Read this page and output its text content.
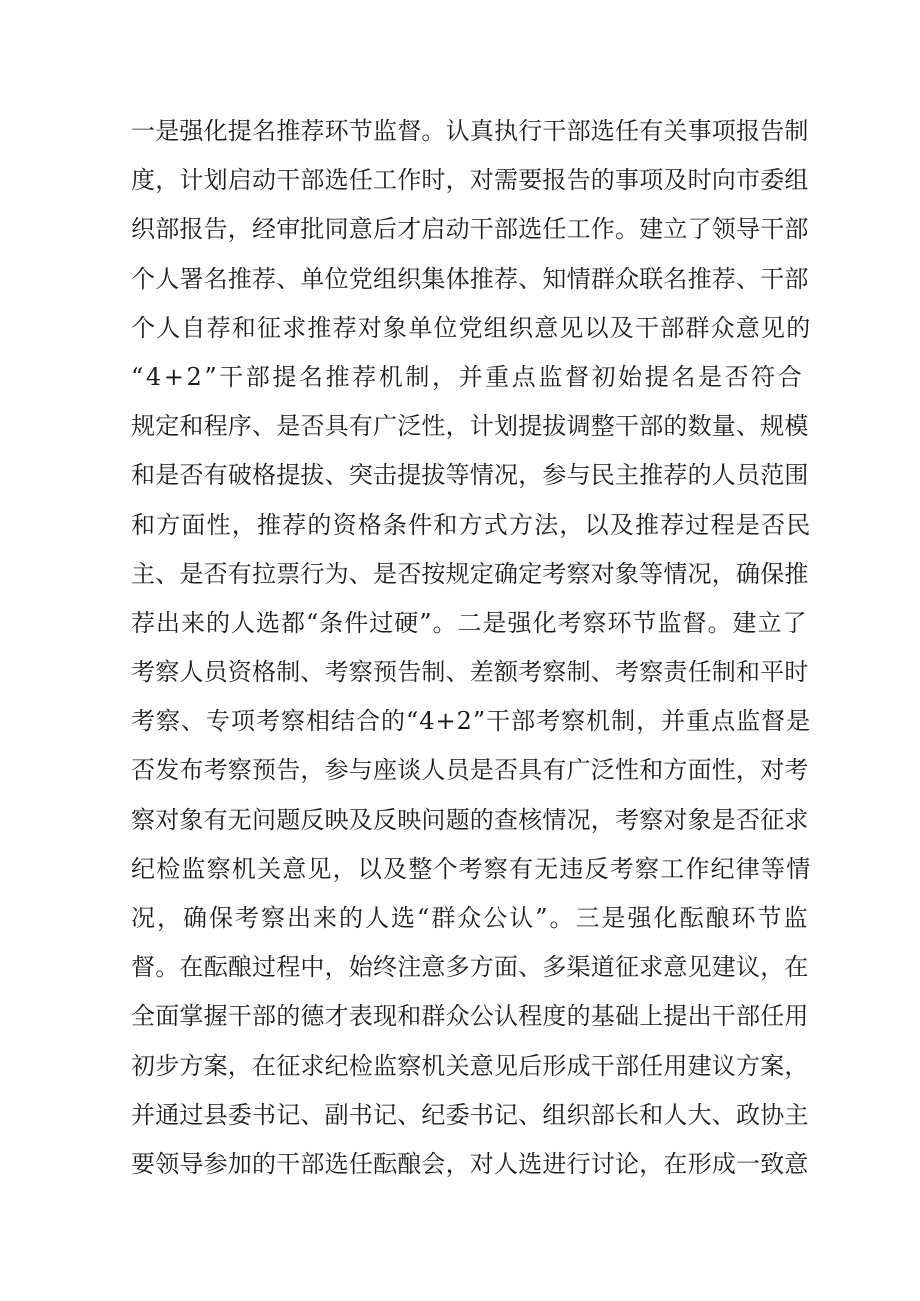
一是强化提名推荐环节监督。认真执行干部选任有关事项报告制
度，计划启动干部选任工作时，对需要报告的事项及时向市委组
织部报告，经审批同意后才启动干部选任工作。建立了领导干部
个人署名推荐、单位党组织集体推荐、知情群众联名推荐、干部
个人自荐和征求推荐对象单位党组织意见以及干部群众意见的
“4+2”干部提名推荐机制，并重点监督初始提名是否符合
规定和程序、是否具有广泛性，计划提拔调整干部的数量、规模
和是否有破格提拔、突击提拔等情况，参与民主推荐的人员范围
和方面性，推荐的资格条件和方式方法，以及推荐过程是否民
主、是否有拉票行为、是否按规定确定考察对象等情况，确保推
荐出来的人选都“条件过硬”。二是强化考察环节监督。建立了
考察人员资格制、考察预告制、差额考察制、考察责任制和平时
考察、专项考察相结合的“4+2”干部考察机制，并重点监督是
否发布考察预告，参与座谈人员是否具有广泛性和方面性，对考
察对象有无问题反映及反映问题的查核情况，考察对象是否征求
纪检监察机关意见，以及整个考察有无违反考察工作纪律等情
况，确保考察出来的人选“群众公认”。三是强化酝酿环节监
督。在酝酿过程中，始终注意多方面、多渠道征求意见建议，在
全面掌握干部的德才表现和群众公认程度的基础上提出干部任用
初步方案，在征求纪检监察机关意见后形成干部任用建议方案，
并通过县委书记、副书记、纪委书记、组织部长和人大、政协主
要领导参加的干部选任酝酿会，对人选进行讨论，在形成一致意
